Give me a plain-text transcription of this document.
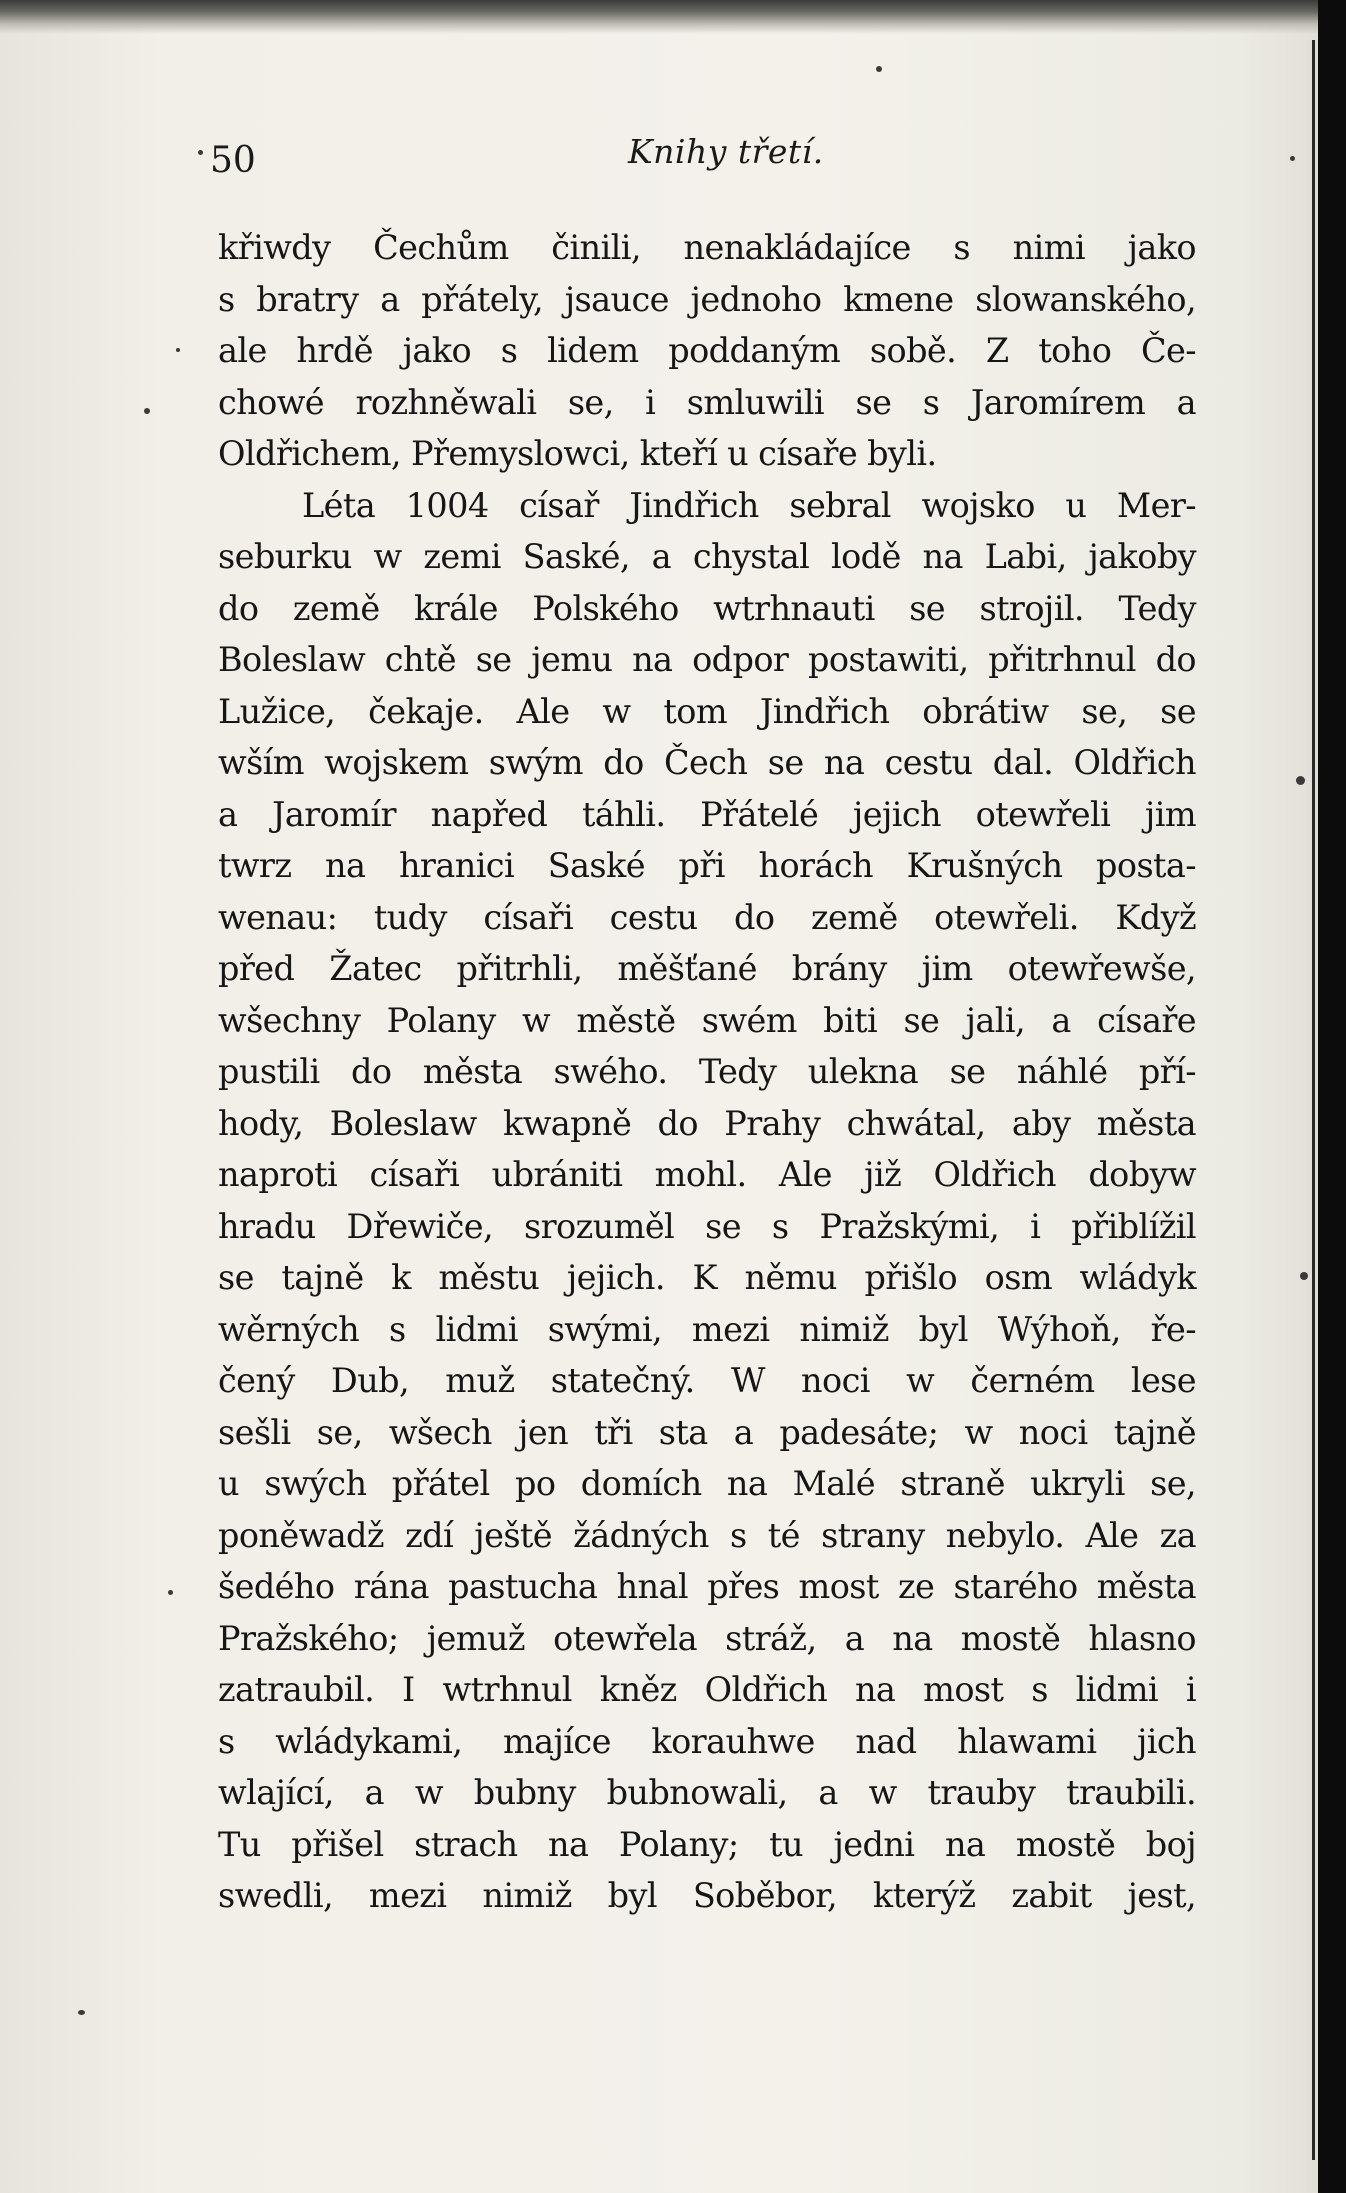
50	Knihy třetí.
křiwdy Čechům činili, nenakládajíce s nimi jako
s bratry a přátely, jsauce jednoho kmene slowanského,
ale hrdě jako s lidem poddaným sobě. Z toho Če-
chowé rozhněwali se, i smluwili se s Jaromírem a
Oldřichem, Přemyslowci, kteří u císaře byli.
Léta 1004 císař Jindřich sebral wojsko u Mer-
seburku w zemi Saské, a chystal lodě na Labi, jakoby
do země krále Polského wtrhnauti se strojil. Tedy
Boleslaw chtě se jemu na odpor postawiti, přitrhnul do
Lužice, čekaje. Ale w tom Jindřich obrátiw se, se
wším wojskem swým do Čech se na cestu dal. Oldřich
a Jaromír napřed táhli. Přátelé jejich otewřeli jim
twrz na hranici Saské při horách Krušných posta-
wenau: tudy císaři cestu do země otewřeli. Když
před Žatec přitrhli, měšťané brány jim otewřewše,
wšechny Polany w městě swém biti se jali, a císaře
pustili do města swého. Tedy ulekna se náhlé pří-
hody, Boleslaw kwapně do Prahy chwátal, aby města
naproti císaři ubrániti mohl. Ale již Oldřich dobyw
hradu Dřewiče, srozuměl se s Pražskými, i přiblížil
se tajně k městu jejich. K němu přišlo osm wládyk
wěrných s lidmi swými, mezi nimiž byl Wýhoň, ře-
čený Dub, muž statečný. W noci w černém lese
sešli se, wšech jen tři sta a padesáte; w noci tajně
u swých přátel po domích na Malé straně ukryli se,
poněwadž zdí ještě žádných s té strany nebylo. Ale za
šedého rána pastucha hnal přes most ze starého města
Pražského; jemuž otewřela stráž, a na mostě hlasno
zatraubil. I wtrhnul kněz Oldřich na most s lidmi i
s wládykami, majíce korauhwe nad hlawami jich
wlající, a w bubny bubnowali, a w trauby traubili.
Tu přišel strach na Polany; tu jedni na mostě boj
swedli, mezi nimiž byl Soběbor, kterýž zabit jest,
